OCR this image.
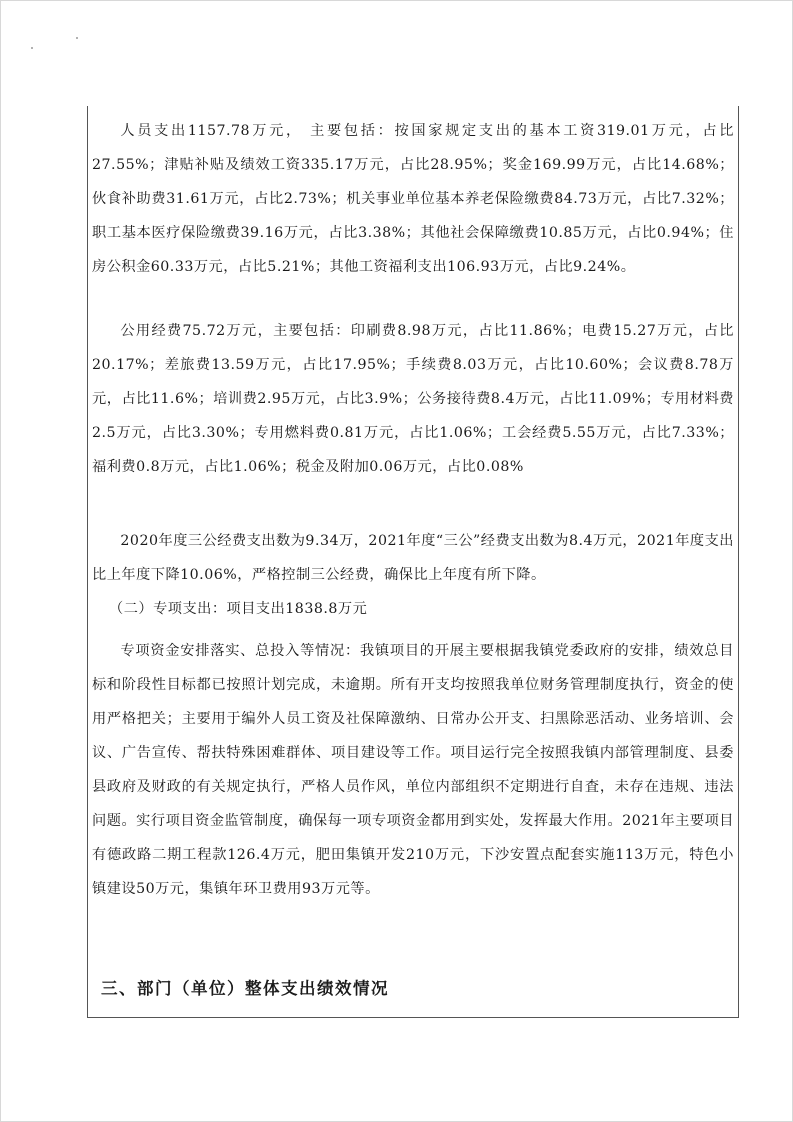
人员支出1157.78万元， 主要包括：按国家规定支出的基本工资319.01万元，占比27.55%；津贴补贴及绩效工资335.17万元，占比28.95%；奖金169.99万元，占比14.68%；伙食补助费31.61万元，占比2.73%；机关事业单位基本养老保险缴费84.73万元，占比7.32%；职工基本医疗保险缴费39.16万元，占比3.38%；其他社会保障缴费10.85万元，占比0.94%；住房公积金60.33万元，占比5.21%；其他工资福利支出106.93万元，占比9.24%。

公用经费75.72万元，主要包括：印刷费8.98万元，占比11.86%；电费15.27万元，占比20.17%；差旅费13.59万元，占比17.95%；手续费8.03万元，占比10.60%；会议费8.78万元，占比11.6%；培训费2.95万元，占比3.9%；公务接待费8.4万元，占比11.09%；专用材料费2.5万元，占比3.30%；专用燃料费0.81万元，占比1.06%；工会经费5.55万元，占比7.33%；福利费0.8万元，占比1.06%；税金及附加0.06万元，占比0.08%

2020年度三公经费支出数为9.34万，2021年度“三公”经费支出数为8.4万元，2021年度支出比上年度下降10.06%，严格控制三公经费，确保比上年度有所下降。

（二）专项支出：项目支出1838.8万元

专项资金安排落实、总投入等情况：我镇项目的开展主要根据我镇党委政府的安排，绩效总目标和阶段性目标都已按照计划完成，未逾期。所有开支均按照我单位财务管理制度执行，资金的使用严格把关；主要用于编外人员工资及社保障激纳、日常办公开支、扫黑除恶活动、业务培训、会议、广告宣传、帮扶特殊困难群体、项目建设等工作。项目运行完全按照我镇内部管理制度、县委县政府及财政的有关规定执行，严格人员作风，单位内部组织不定期进行自査，未存在违规、违法问题。实行项目资金监管制度，确保每一项专项资金都用到实处，发挥最大作用。2021年主要项目有德政路二期工程款126.4万元，肥田集镇开发210万元，下沙安置点配套实施113万元，特色小镇建设50万元，集镇年环卫费用93万元等。

三、部门（单位）整体支出绩效情况
